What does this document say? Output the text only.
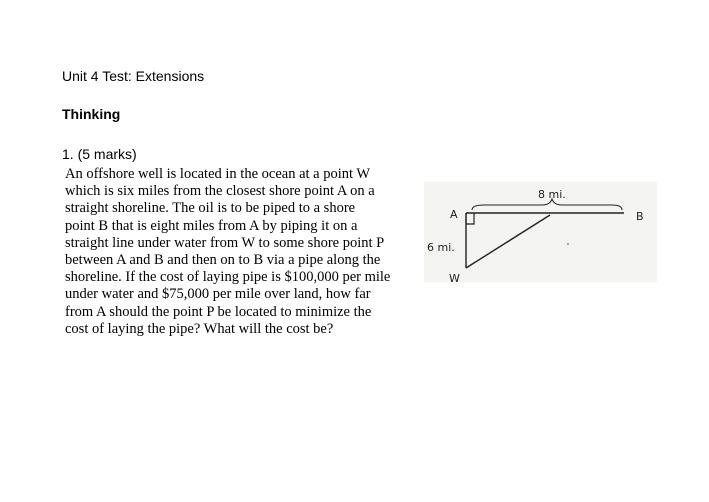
Unit 4 Test: Extensions
Thinking
1. (5 marks)
An offshore well is located in the ocean at a point W
which is six miles from the closest shore point A on a
straight shoreline. The oil is to be piped to a shore
point B that is eight miles from A by piping it on a
straight line under water from W to some shore point P
between A and B and then on to B via a pipe along the
shoreline. If the cost of laying pipe is $100,000 per mile
under water and $75,000 per mile over land, how far
from A should the point P be located to minimize the
cost of laying the pipe? What will the cost be?
A	B
W
8 mi.
6 mi.
